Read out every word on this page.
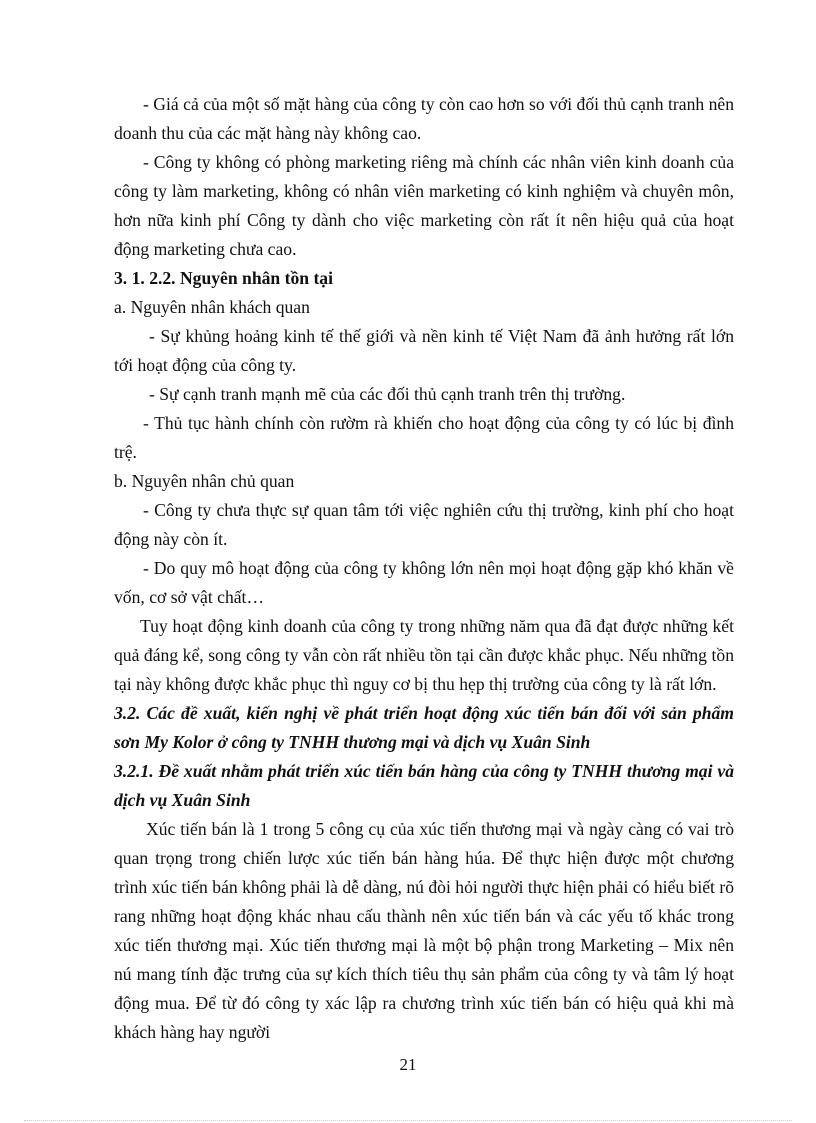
- Giá cả của một số mặt hàng của công ty còn cao hơn so với đối thủ cạnh tranh nên doanh thu của các mặt hàng này không cao.

- Công ty không có phòng marketing riêng mà chính các nhân viên kinh doanh của công ty làm marketing, không có nhân viên marketing có kinh nghiệm và chuyên môn, hơn nữa kinh phí Công ty dành cho việc marketing còn rất ít nên hiệu quả của hoạt động marketing chưa cao.

3. 1. 2.2. Nguyên nhân tồn tại

a. Nguyên nhân khách quan

- Sự khủng hoảng kinh tế thế giới và nền kinh tế Việt Nam đã ảnh hưởng rất lớn tới hoạt động của công ty.

- Sự cạnh tranh mạnh mẽ của các đối thủ cạnh tranh trên thị trường.

- Thủ tục hành chính còn rườm rà khiến cho hoạt động của công ty có lúc bị đình trệ.

b. Nguyên nhân chủ quan

- Công ty chưa thực sự quan tâm tới việc nghiên cứu thị trường, kinh phí cho hoạt động này còn ít.

- Do quy mô hoạt động của công ty không lớn nên mọi hoạt động gặp khó khăn về vốn, cơ sở vật chất…

Tuy hoạt động kinh doanh của công ty trong những năm qua đã đạt được những kết quả đáng kể, song công ty vẫn còn rất nhiều tồn tại cần được khắc phục. Nếu những tồn tại này không được khắc phục thì nguy cơ bị thu hẹp thị trường của công ty là rất lớn.

3.2. Các đề xuất, kiến nghị về phát triển hoạt động xúc tiến bán đối với sản phẩm sơn My Kolor ở công ty TNHH thương mại và dịch vụ Xuân Sinh

3.2.1. Đề xuất nhằm phát triển xúc tiến bán hàng của công ty TNHH thương mại và dịch vụ Xuân Sinh

Xúc tiến bán là 1 trong 5 công cụ của xúc tiến thương mại và ngày càng có vai trò quan trọng trong chiến lược xúc tiến bán hàng húa. Để thực hiện được một chương trình xúc tiến bán không phải là dễ dàng, nú đòi hỏi người thực hiện phải có hiểu biết rõ rang những hoạt động khác nhau cấu thành nên xúc tiến bán và các yếu tố khác trong xúc tiến thương mại. Xúc tiến thương mại là một bộ phận trong Marketing – Mix nên nú mang tính đặc trưng của sự kích thích tiêu thụ sản phẩm của công ty và tâm lý hoạt động mua. Để từ đó công ty xác lập ra chương trình xúc tiến bán có hiệu quả khi mà khách hàng hay người

21
